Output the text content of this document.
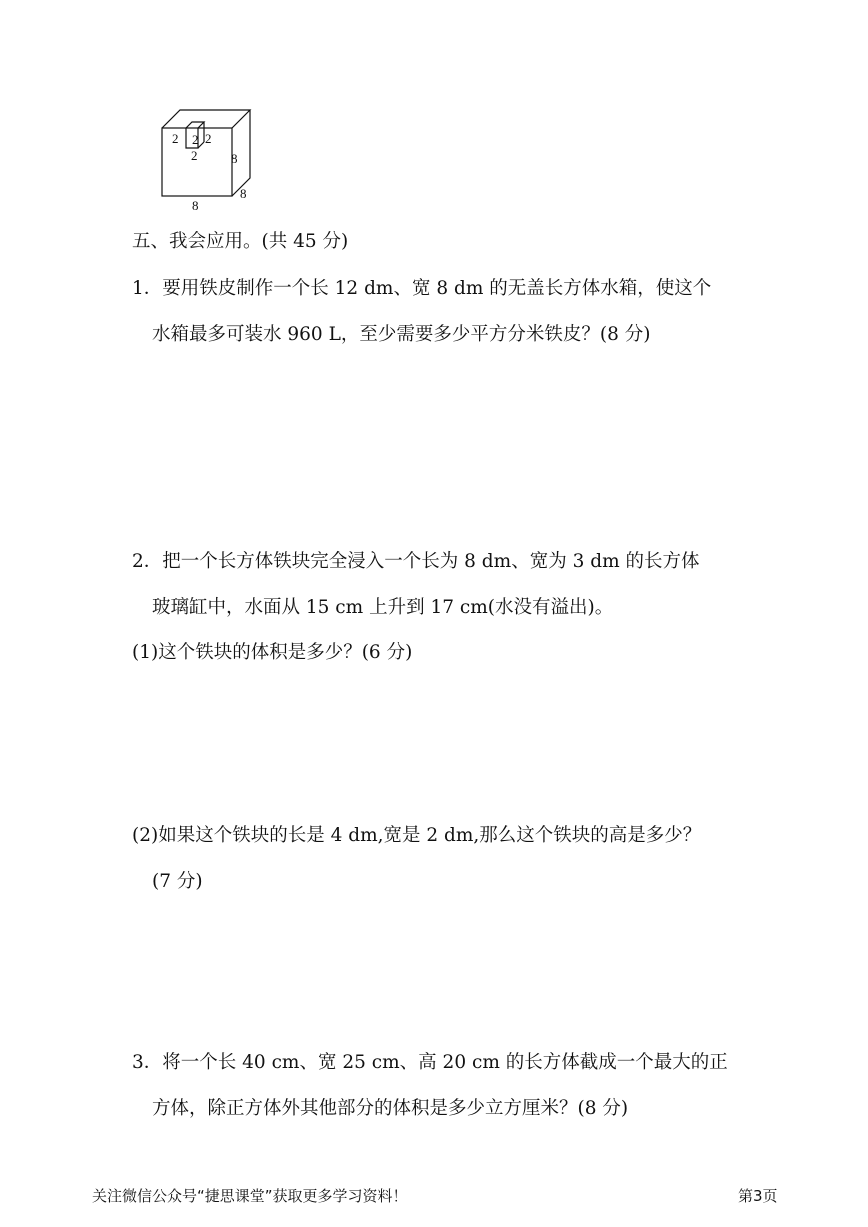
2 2 2
2	8
8
8
五、我会应用。(共 45 分)
1．要用铁皮制作一个长 12 dm、宽 8 dm 的无盖长方体水箱，使这个
水箱最多可装水 960 L，至少需要多少平方分米铁皮？(8 分)
2．把一个长方体铁块完全浸入一个长为 8 dm、宽为 3 dm 的长方体
玻璃缸中，水面从 15 cm 上升到 17 cm(水没有溢出)。
(1)这个铁块的体积是多少？(6 分)
(2)如果这个铁块的长是 4 dm,宽是 2 dm,那么这个铁块的高是多少？
(7 分)
3．将一个长 40 cm、宽 25 cm、高 20 cm 的长方体截成一个最大的正
方体，除正方体外其他部分的体积是多少立方厘米？(8 分)
关注微信公众号“捷思课堂”获取更多学习资料！	第3页
